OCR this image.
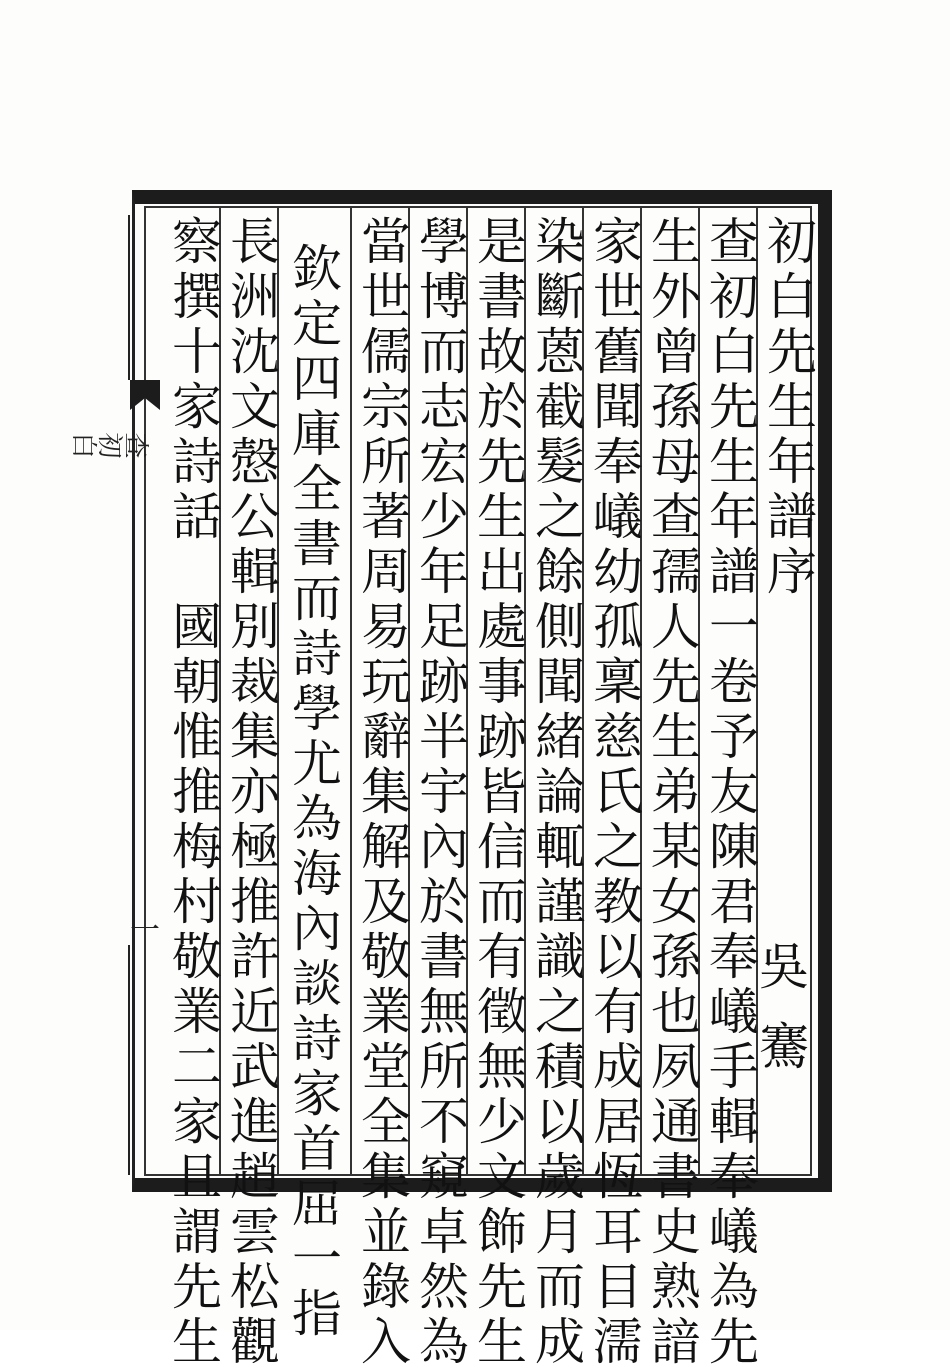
初白先生年譜序
查初白先生年譜一卷予友陳君奉嶬手輯奉嶬為先
生外曾孫母查孺人先生弟某女孫也夙通書史熟諳
家世舊聞奉嶬幼孤稟慈氏之教以有成居恆耳目濡
染斷蒽截髮之餘側聞緒論輒謹識之積以歲月而成
是書故於先生出處事跡皆信而有徵無少文飾先生
學博而志宏少年足跡半宇內於書無所不窺卓然為
當世儒宗所著周易玩辭集解及敬業堂全集並錄入
欽定四庫全書而詩學尤為海內談詩家首屈一指
長洲沈文慤公輯別裁集亦極推許近武進趙雲松觀
察撰十家詩話　國朝惟推梅村敬業二家且謂先生	吳騫
查初白
一
